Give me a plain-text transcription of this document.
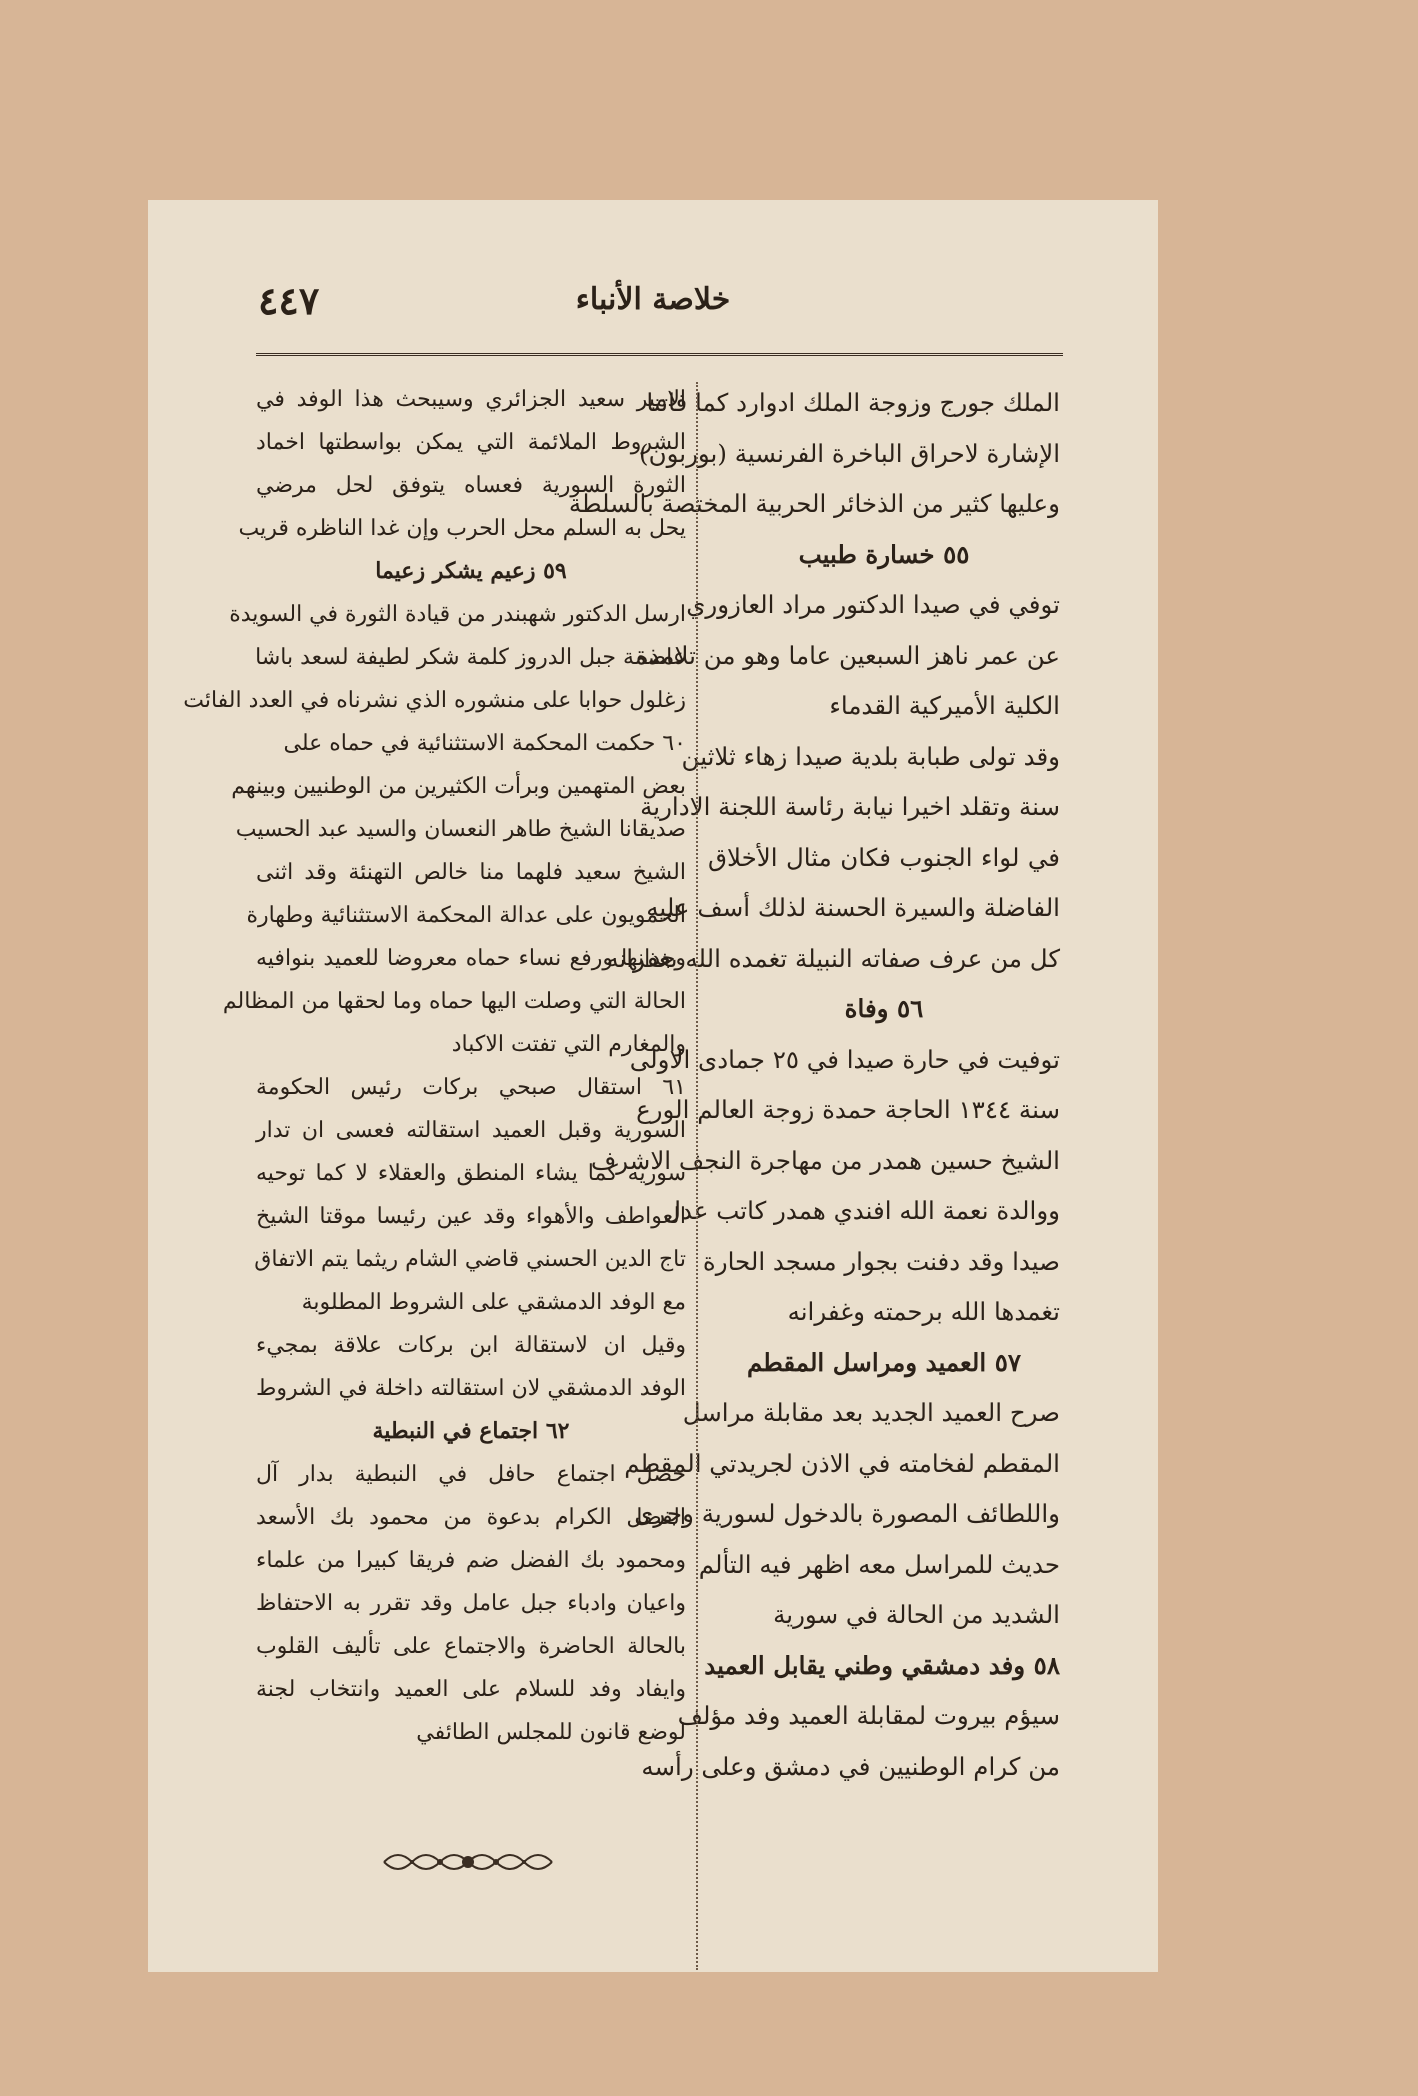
٤٤٧	خلاصة الأنباء
الملك جورج وزوجة الملك ادوارد كما فاتنا
الإشارة لاحراق الباخرة الفرنسية (بوربون)
وعليها كثير من الذخائر الحربية المختصة بالسلطة
٥٥ خسارة طبيب
توفي في صيدا الدكتور مراد العازوري
عن عمر ناهز السبعين عاما وهو من تلامذة
الكلية الأميركية القدماء
وقد تولى طبابة بلدية صيدا زهاء ثلاثين
سنة وتقلد اخيرا نيابة رئاسة اللجنة الادارية
في لواء الجنوب فكان مثال الأخلاق
الفاضلة والسيرة الحسنة لذلك أسف عليه
كل من عرف صفاته النبيلة تغمده الله بغفرانه
٥٦ وفاة
توفيت في حارة صيدا في ٢٥ جمادى الاولى
سنة ١٣٤٤ الحاجة حمدة زوجة العالم الورع
الشيخ حسين همدر من مهاجرة النجف الاشرف
ووالدة نعمة الله افندي همدر كاتب عدل
صيدا وقد دفنت بجوار مسجد الحارة
تغمدها الله برحمته وغفرانه
٥٧ العميد ومراسل المقطم
صرح العميد الجديد بعد مقابلة مراسل
المقطم لفخامته في الاذن لجريدتي المقطم
واللطائف المصورة بالدخول لسورية وجرى
حديث للمراسل معه اظهر فيه التألم
الشديد من الحالة في سورية
٥٨ وفد دمشقي وطني يقابل العميد
سيؤم بيروت لمقابلة العميد وفد مؤلف
من كرام الوطنيين في دمشق وعلى رأسه
الامير سعيد الجزائري وسيبحث هذا الوفد في
الشروط الملائمة التي يمكن بواسطتها اخماد
الثورة السورية فعساه يتوفق لحل مرضي
يحل به السلم محل الحرب وإن غدا الناظره قريب
٥٩ زعيم يشكر زعيما
ارسل الدكتور شهبندر من قيادة الثورة في السويدة
عاصمة جبل الدروز كلمة شكر لطيفة لسعد باشا
زغلول حوابا على منشوره الذي نشرناه في العدد الفائت
٦٠ حكمت المحكمة الاستثنائية في حماه على
بعض المتهمين وبرأت الكثيرين من الوطنيين وبينهم
صديقانا الشيخ طاهر النعسان والسيد عبد الحسيب
الشيخ سعيد فلهما منا خالص التهنئة وقد اثنى
الحمويون على عدالة المحكمة الاستثنائية وطهارة
وجدانها ورفع نساء حماه معروضا للعميد بنوافيه
الحالة التي وصلت اليها حماه وما لحقها من المظالم
والمغارم التي تفتت الاكباد
٦١ استقال صبحي بركات رئيس الحكومة
السورية وقبل العميد استقالته فعسى ان تدار
سوريه كما يشاء المنطق والعقلاء لا كما توحيه
العواطف والأهواء وقد عين رئيسا موقتا الشيخ
تاج الدين الحسني قاضي الشام ريثما يتم الاتفاق
مع الوفد الدمشقي على الشروط المطلوبة
وقيل ان لاستقالة ابن بركات علاقة بمجيء
الوفد الدمشقي لان استقالته داخلة في الشروط
٦٢ اجتماع في النبطية
حصل اجتماع حافل في النبطية بدار آل
الفضل الكرام بدعوة من محمود بك الأسعد
ومحمود بك الفضل ضم فريقا كبيرا من علماء
واعيان وادباء جبل عامل وقد تقرر به الاحتفاظ
بالحالة الحاضرة والاجتماع على تأليف القلوب
وايفاد وفد للسلام على العميد وانتخاب لجنة
لوضع قانون للمجلس الطائفي
